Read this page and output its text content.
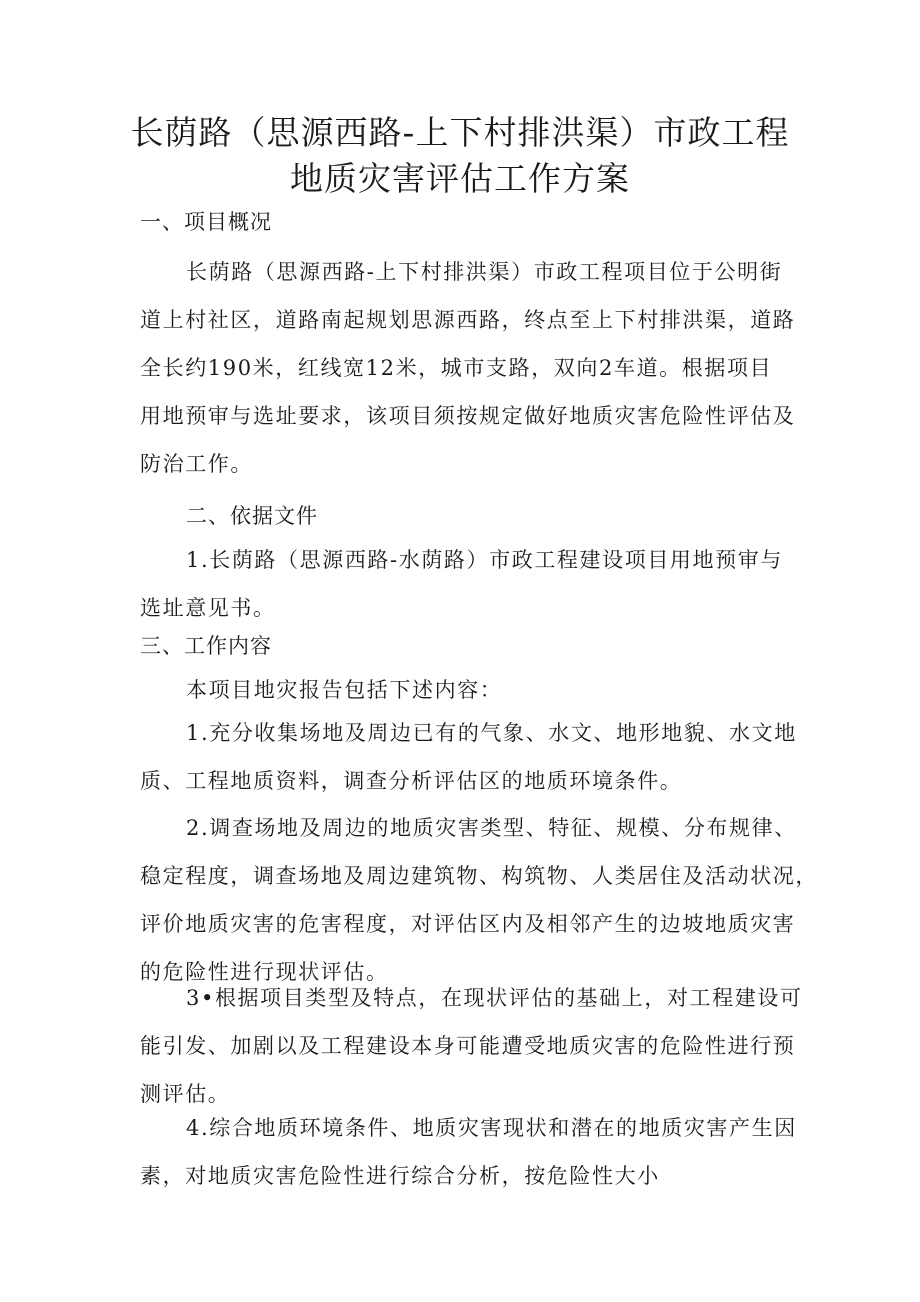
长荫路（思源西路-上下村排洪渠）市政工程
地质灾害评估工作方案
一、项目概况
长荫路（思源西路-上下村排洪渠）市政工程项目位于公明街
道上村社区，道路南起规划思源西路，终点至上下村排洪渠，道路
全长约190米，红线宽12米，城市支路，双向2车道。根据项目
用地预审与选址要求，该项目须按规定做好地质灾害危险性评估及
防治工作。
二、依据文件
1.长荫路（思源西路-水荫路）市政工程建设项目用地预审与
选址意见书。
三、工作内容
本项目地灾报告包括下述内容：
1.充分收集场地及周边已有的气象、水文、地形地貌、水文地
质、工程地质资料，调查分析评估区的地质环境条件。
2.调查场地及周边的地质灾害类型、特征、规模、分布规律、
稳定程度，调查场地及周边建筑物、构筑物、人类居住及活动状况，
评价地质灾害的危害程度，对评估区内及相邻产生的边坡地质灾害
的危险性进行现状评估。
3•根据项目类型及特点，在现状评估的基础上，对工程建设可
能引发、加剧以及工程建设本身可能遭受地质灾害的危险性进行预
测评估。
4.综合地质环境条件、地质灾害现状和潜在的地质灾害产生因
素，对地质灾害危险性进行综合分析，按危险性大小
